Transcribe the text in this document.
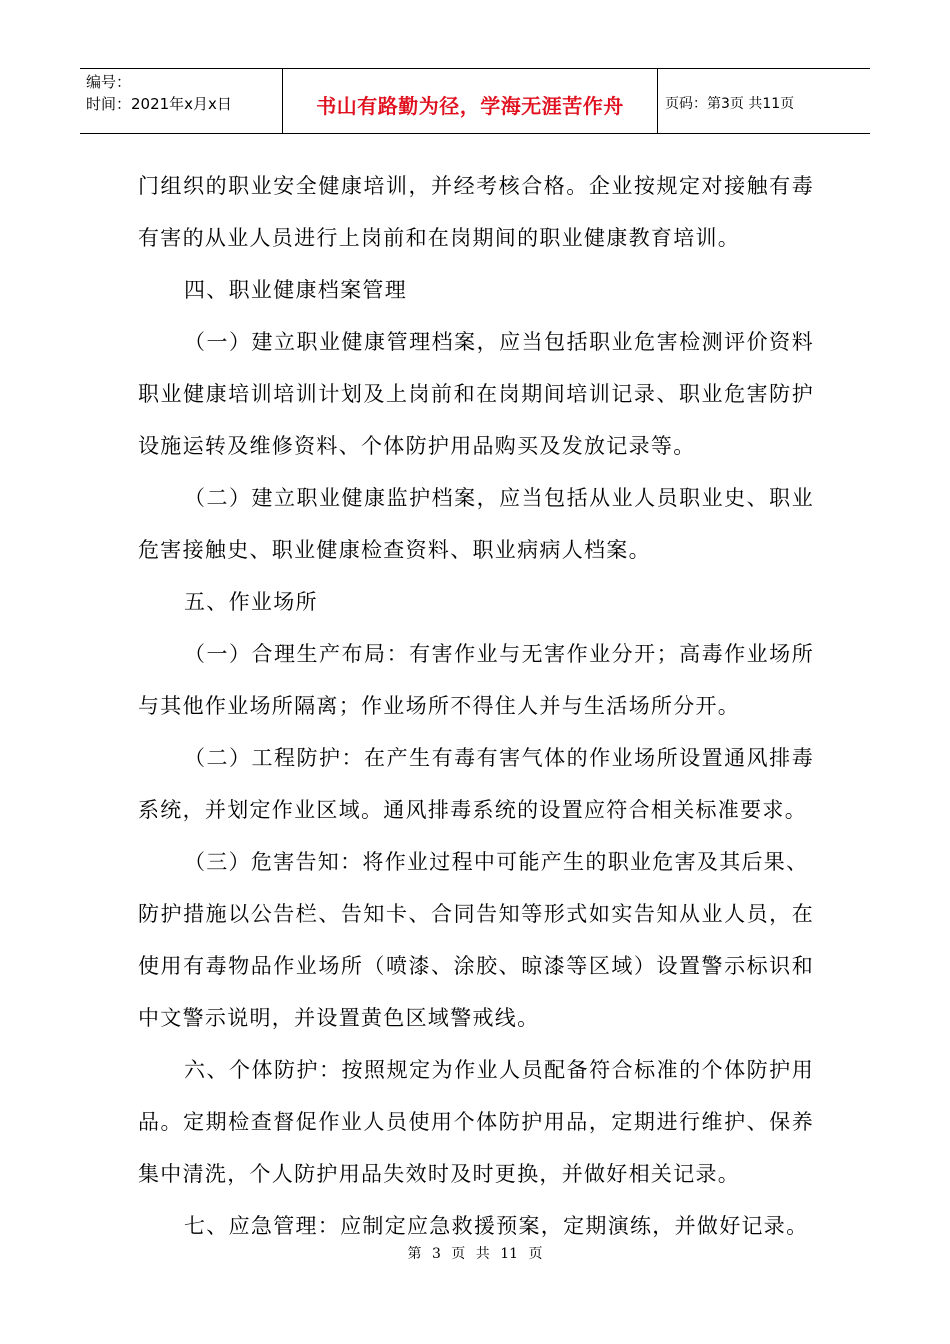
编号：
时间：2021年x月x日	书山有路勤为径，学海无涯苦作舟	页码：第3页 共11页
门组织的职业安全健康培训，并经考核合格。企业按规定对接触有毒
有害的从业人员进行上岗前和在岗期间的职业健康教育培训。
四、职业健康档案管理
（一）建立职业健康管理档案，应当包括职业危害检测评价资料
职业健康培训培训计划及上岗前和在岗期间培训记录、职业危害防护
设施运转及维修资料、个体防护用品购买及发放记录等。
（二）建立职业健康监护档案，应当包括从业人员职业史、职业
危害接触史、职业健康检查资料、职业病病人档案。
五、作业场所
（一）合理生产布局：有害作业与无害作业分开；高毒作业场所
与其他作业场所隔离；作业场所不得住人并与生活场所分开。
（二）工程防护：在产生有毒有害气体的作业场所设置通风排毒
系统，并划定作业区域。通风排毒系统的设置应符合相关标准要求。
（三）危害告知：将作业过程中可能产生的职业危害及其后果、
防护措施以公告栏、告知卡、合同告知等形式如实告知从业人员，在
使用有毒物品作业场所（喷漆、涂胶、晾漆等区域）设置警示标识和
中文警示说明，并设置黄色区域警戒线。
六、个体防护：按照规定为作业人员配备符合标准的个体防护用
品。定期检查督促作业人员使用个体防护用品，定期进行维护、保养
集中清洗，个人防护用品失效时及时更换，并做好相关记录。
七、应急管理：应制定应急救援预案，定期演练，并做好记录。
第 3 页 共 11 页
